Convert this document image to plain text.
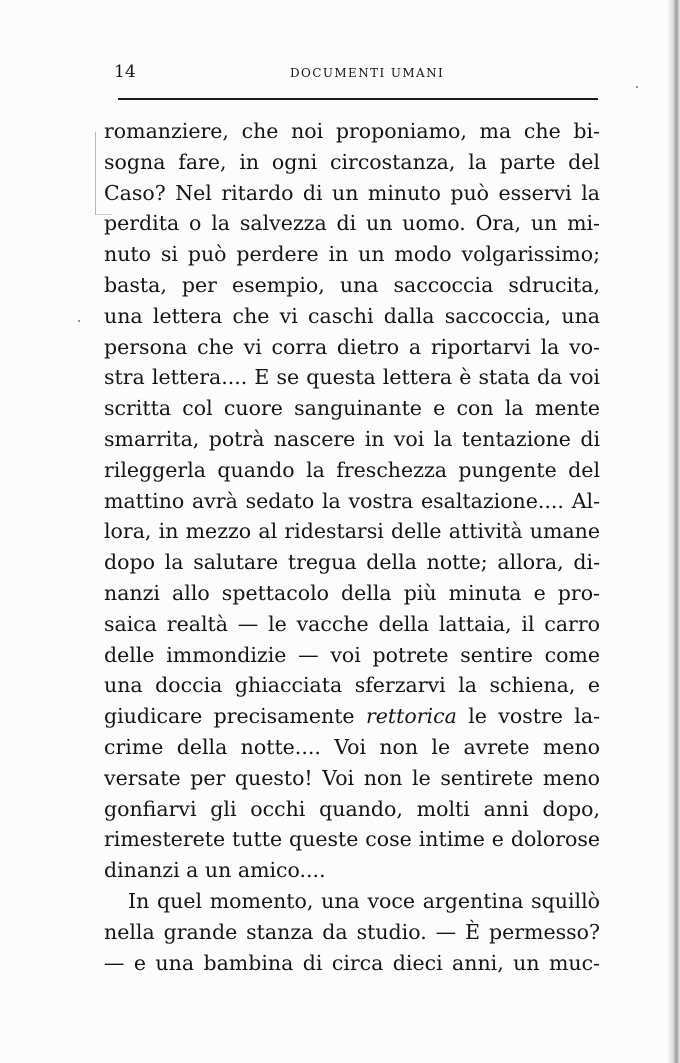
14	DOCUMENTI UMANI
romanziere, che noi proponiamo, ma che bi-
sogna fare, in ogni circostanza, la parte del
Caso? Nel ritardo di un minuto può esservi la
perdita o la salvezza di un uomo. Ora, un mi-
nuto si può perdere in un modo volgarissimo;
basta, per esempio, una saccoccia sdrucita,
una lettera che vi caschi dalla saccoccia, una
persona che vi corra dietro a riportarvi la vo-
stra lettera.... E se questa lettera è stata da voi
scritta col cuore sanguinante e con la mente
smarrita, potrà nascere in voi la tentazione di
rileggerla quando la freschezza pungente del
mattino avrà sedato la vostra esaltazione.... Al-
lora, in mezzo al ridestarsi delle attività umane
dopo la salutare tregua della notte; allora, di-
nanzi allo spettacolo della più minuta e pro-
saica realtà — le vacche della lattaia, il carro
delle immondizie — voi potrete sentire come
una doccia ghiacciata sferzarvi la schiena, e
giudicare precisamente rettorica le vostre la-
crime della notte.... Voi non le avrete meno
versate per questo! Voi non le sentirete meno
gonfiarvi gli occhi quando, molti anni dopo,
rimesterete tutte queste cose intime e dolorose
dinanzi a un amico....
In quel momento, una voce argentina squillò
nella grande stanza da studio. — È permesso?
— e una bambina di circa dieci anni, un muc-
